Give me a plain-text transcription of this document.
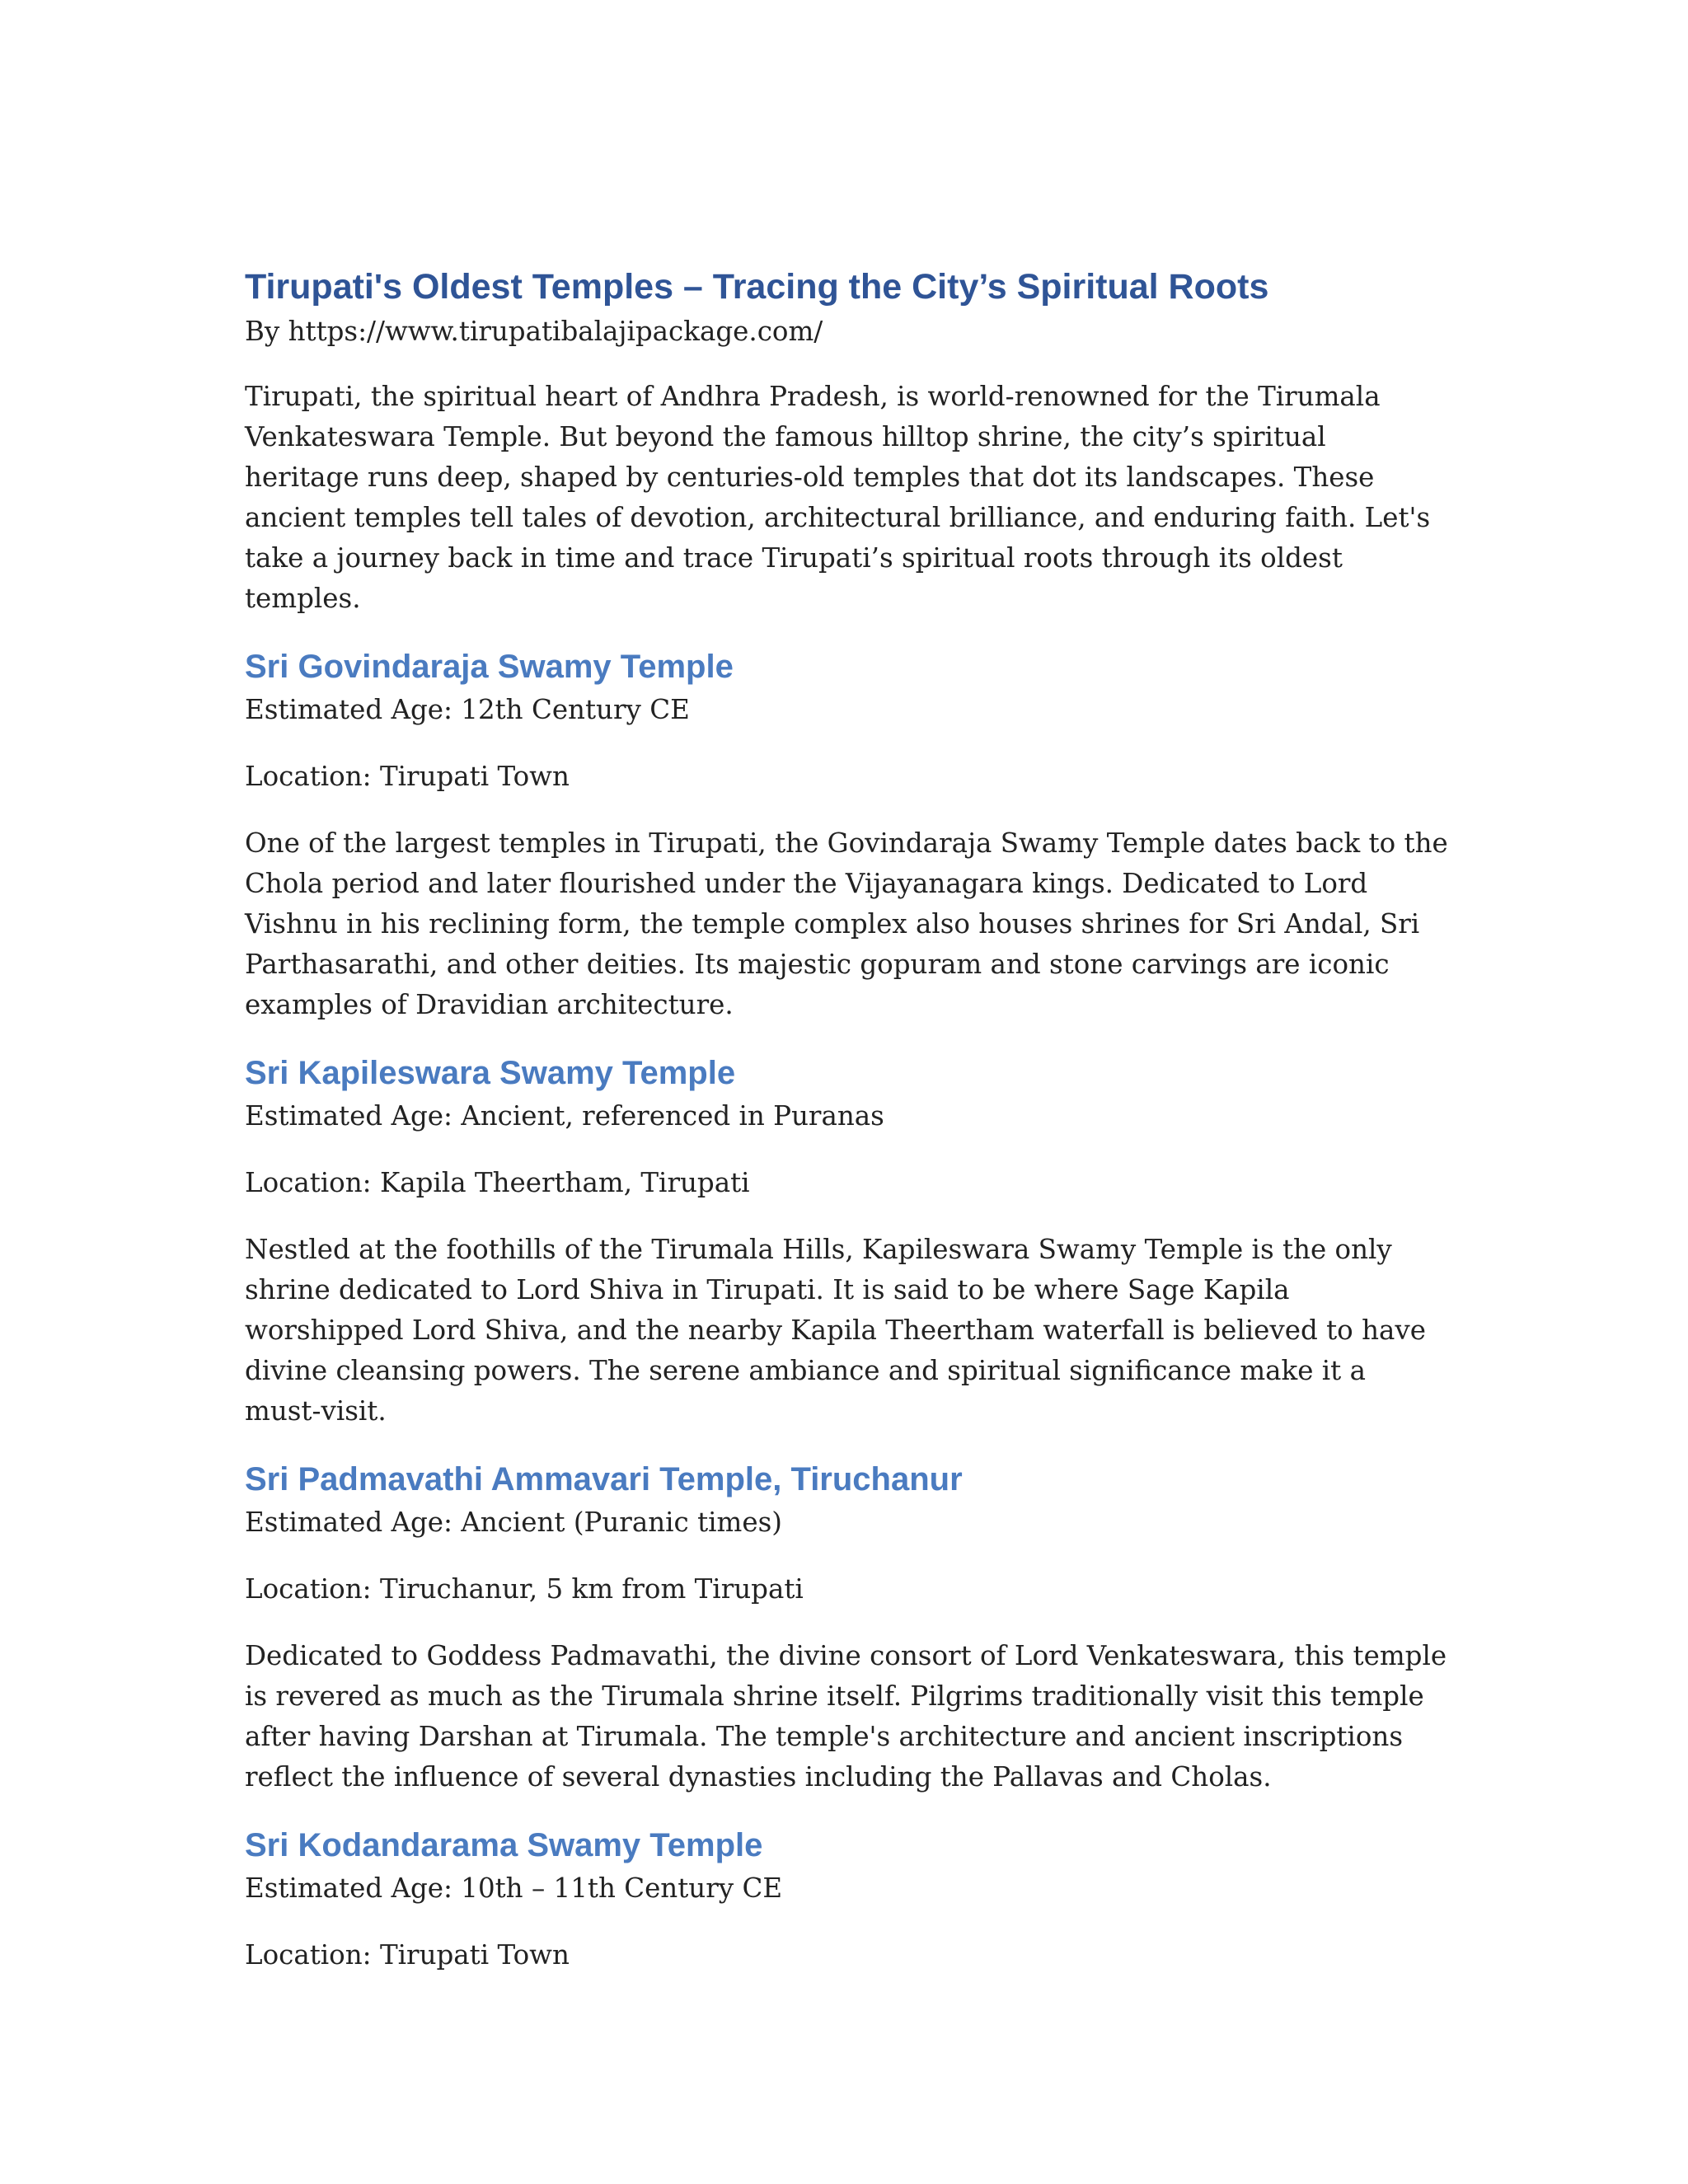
Tirupati's Oldest Temples – Tracing the City’s Spiritual Roots

By https://www.tirupatibalajipackage.com/

Tirupati, the spiritual heart of Andhra Pradesh, is world-renowned for the Tirumala Venkateswara Temple. But beyond the famous hilltop shrine, the city’s spiritual heritage runs deep, shaped by centuries-old temples that dot its landscapes. These ancient temples tell tales of devotion, architectural brilliance, and enduring faith. Let's take a journey back in time and trace Tirupati’s spiritual roots through its oldest temples.

Sri Govindaraja Swamy Temple

Estimated Age: 12th Century CE

Location: Tirupati Town

One of the largest temples in Tirupati, the Govindaraja Swamy Temple dates back to the Chola period and later flourished under the Vijayanagara kings. Dedicated to Lord Vishnu in his reclining form, the temple complex also houses shrines for Sri Andal, Sri Parthasarathi, and other deities. Its majestic gopuram and stone carvings are iconic examples of Dravidian architecture.

Sri Kapileswara Swamy Temple

Estimated Age: Ancient, referenced in Puranas

Location: Kapila Theertham, Tirupati

Nestled at the foothills of the Tirumala Hills, Kapileswara Swamy Temple is the only shrine dedicated to Lord Shiva in Tirupati. It is said to be where Sage Kapila worshipped Lord Shiva, and the nearby Kapila Theertham waterfall is believed to have divine cleansing powers. The serene ambiance and spiritual significance make it a must-visit.

Sri Padmavathi Ammavari Temple, Tiruchanur

Estimated Age: Ancient (Puranic times)

Location: Tiruchanur, 5 km from Tirupati

Dedicated to Goddess Padmavathi, the divine consort of Lord Venkateswara, this temple is revered as much as the Tirumala shrine itself. Pilgrims traditionally visit this temple after having Darshan at Tirumala. The temple's architecture and ancient inscriptions reflect the influence of several dynasties including the Pallavas and Cholas.

Sri Kodandarama Swamy Temple

Estimated Age: 10th – 11th Century CE

Location: Tirupati Town
